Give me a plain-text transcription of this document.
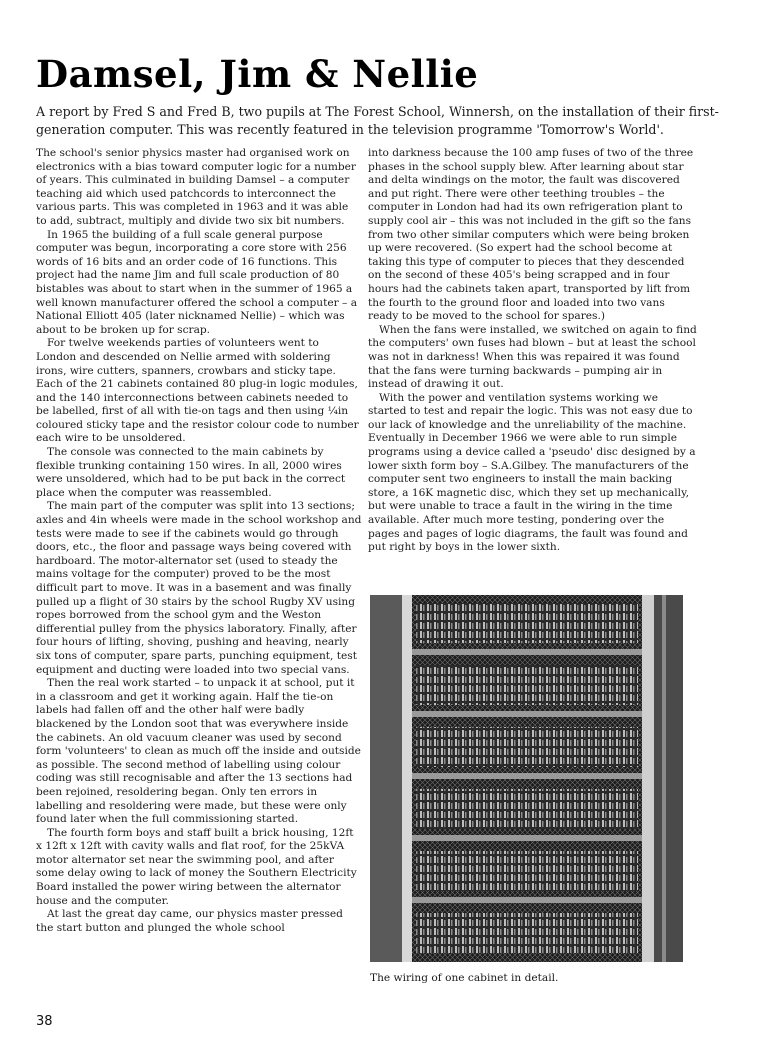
Damsel, Jim & Nellie

A report by Fred S and Fred B, two pupils at The Forest School, Winnersh, on the installation of their first-generation computer. This was recently featured in the television programme 'Tomorrow's World'.

The school's senior physics master had organised work on electronics with a bias toward computer logic for a number of years. This culminated in building Damsel – a computer teaching aid which used patchcords to interconnect the various parts. This was completed in 1963 and it was able to add, subtract, multiply and divide two six bit numbers.

In 1965 the building of a full scale general purpose computer was begun, incorporating a core store with 256 words of 16 bits and an order code of 16 functions. This project had the name Jim and full scale production of 80 bistables was about to start when in the summer of 1965 a well known manufacturer offered the school a computer – a National Elliott 405 (later nicknamed Nellie) – which was about to be broken up for scrap.

For twelve weekends parties of volunteers went to London and descended on Nellie armed with soldering irons, wire cutters, spanners, crowbars and sticky tape. Each of the 21 cabinets contained 80 plug-in logic modules, and the 140 interconnections between cabinets needed to be labelled, first of all with tie-on tags and then using ¼in coloured sticky tape and the resistor colour code to number each wire to be unsoldered.

The console was connected to the main cabinets by flexible trunking containing 150 wires. In all, 2000 wires were unsoldered, which had to be put back in the correct place when the computer was reassembled.

The main part of the computer was split into 13 sections; axles and 4in wheels were made in the school workshop and tests were made to see if the cabinets would go through doors, etc., the floor and passage ways being covered with hardboard. The motor-alternator set (used to steady the mains voltage for the computer) proved to be the most difficult part to move. It was in a basement and was finally pulled up a flight of 30 stairs by the school Rugby XV using ropes borrowed from the school gym and the Weston differential pulley from the physics laboratory. Finally, after four hours of lifting, shoving, pushing and heaving, nearly six tons of computer, spare parts, punching equipment, test equipment and ducting were loaded into two special vans.

Then the real work started – to unpack it at school, put it in a classroom and get it working again. Half the tie-on labels had fallen off and the other half were badly blackened by the London soot that was everywhere inside the cabinets. An old vacuum cleaner was used by second form 'volunteers' to clean as much off the inside and outside as possible. The second method of labelling using colour coding was still recognisable and after the 13 sections had been rejoined, resoldering began. Only ten errors in labelling and resoldering were made, but these were only found later when the full commissioning started.

The fourth form boys and staff built a brick housing, 12ft x 12ft x 12ft with cavity walls and flat roof, for the 25kVA motor alternator set near the swimming pool, and after some delay owing to lack of money the Southern Electricity Board installed the power wiring between the alternator house and the computer.

At last the great day came, our physics master pressed the start button and plunged the whole school

into darkness because the 100 amp fuses of two of the three phases in the school supply blew. After learning about star and delta windings on the motor, the fault was discovered and put right. There were other teething troubles – the computer in London had had its own refrigeration plant to supply cool air – this was not included in the gift so the fans from two other similar computers which were being broken up were recovered. (So expert had the school become at taking this type of computer to pieces that they descended on the second of these 405's being scrapped and in four hours had the cabinets taken apart, transported by lift from the fourth to the ground floor and loaded into two vans ready to be moved to the school for spares.)

When the fans were installed, we switched on again to find the computers' own fuses had blown – but at least the school was not in darkness! When this was repaired it was found that the fans were turning backwards – pumping air in instead of drawing it out.

With the power and ventilation systems working we started to test and repair the logic. This was not easy due to our lack of knowledge and the unreliability of the machine. Eventually in December 1966 we were able to run simple programs using a device called a 'pseudo' disc designed by a lower sixth form boy – S.A.Gilbey. The manufacturers of the computer sent two engineers to install the main backing store, a 16K magnetic disc, which they set up mechanically, but were unable to trace a fault in the wiring in the time available. After much more testing, pondering over the pages and pages of logic diagrams, the fault was found and put right by boys in the lower sixth.

The wiring of one cabinet in detail.

38
